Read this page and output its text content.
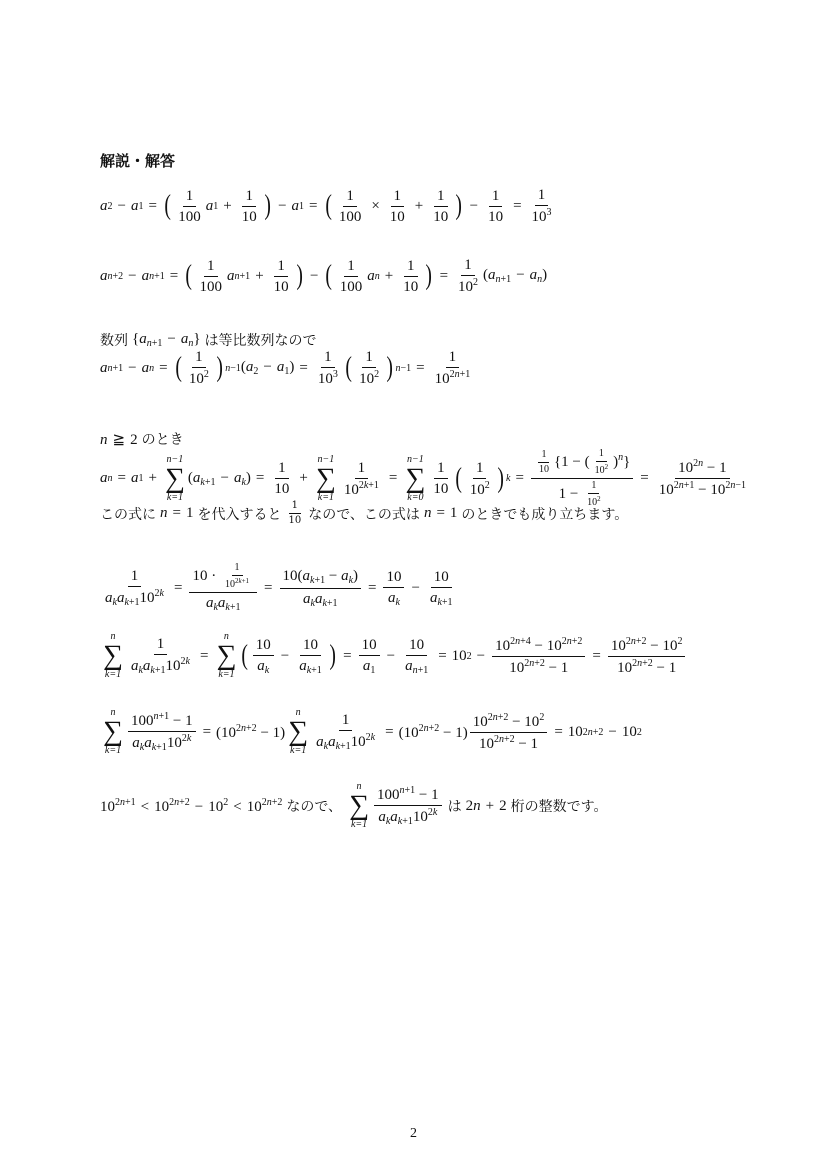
解説・解答
a 2 − a 1 = ( $\frac{1}{100}$ a $1 + \frac{1}{10}$ ) − a 1 = ( $\frac{1}{100} \times \frac{1}{10} + \frac{1}{10}$ ) − $\frac{1}{10} = \frac{1}{10^3}$
a n+2 − a n+1 = ( $\frac{1}{100}$ a $n+1 + \frac{1}{10}$ ) − ( $\frac{1}{100}$ a $n + \frac{1}{10}$ ) = $\frac{1}{10^2} (a_{n+1} - a_n)$
数列 $\{a_{n+1} - a_n\}$ は等比数列なので
a n+1 − a n = ( $\frac{1}{10^2}$ ) n−1 $(a_2 - a_1) = \frac{1}{10^3}$ ( $\frac{1}{10^2}$ ) $n-1 = \frac{1}{10^{2n+1}}$
n ≧ 2 のとき
a n = a 1 +
n−1
∑
k=1
$(a_{k+1} - a_k) = \frac{1}{10}$ +
n−1
∑
$k=1 \frac{1}{10^{2k+1}}$ =
n−1
∑
$k=0 \frac{1}{10}$ ( $\frac{1}{10^2}$ ) $k = \frac{\frac{1}{10} \{1 - ( \frac{1}{10^2} )^n\}}{1 - \frac{1}{10^2}} = \frac{10^{2n} - 1}{10^{2n+1} - 10^{2n-1}}$
この式に n = 1 を代入すると $\frac{1}{10}$ なので、この式は n = 1 のときでも成り立ちます。
$\frac{1}{a_ka_{k+1}10^{2k}} = \frac{10 \cdot \frac{1}{10^{2k+1}}}{a_ka_{k+1}} = \frac{10(a_{k+1} - a_k)}{a_ka_{k+1}} = \frac{10}{a_k} - \frac{10}{a_{k+1}}$
n
∑
$k=1 \frac{1}{a_ka_{k+1}10^{2k}}$ =
n
∑
k=1
( $\frac{10}{a_k} - \frac{10}{a_{k+1}}$ ) = $\frac{10}{a_1} - \frac{10}{a_{n+1}} = 10$ $2 - \frac{10^{2n+4} - 10^{2n+2}}{10^{2n+2} - 1} = \frac{10^{2n+2} - 10^2}{10^{2n+2} - 1}$
n
∑
$k=1 \frac{100^{n+1} - 1}{a_ka_{k+1}10^{2k}} = (10^{2n+2} - 1)$
n
∑
$k=1 \frac{1}{a_ka_{k+1}10^{2k}} = (10^{2n+2} - 1) \frac{10^{2n+2} - 10^2}{10^{2n+2} - 1} = 10$ 2n+2 − 10 2
$10^{2n+1} < 10^{2n+2} - 10^2 < 10^{2n+2}$ なので、
n
∑
$k=1 \frac{100^{n+1} - 1}{a_ka_{k+1}10^{2k}}$ は 2n + 2 桁の整数です。
2
